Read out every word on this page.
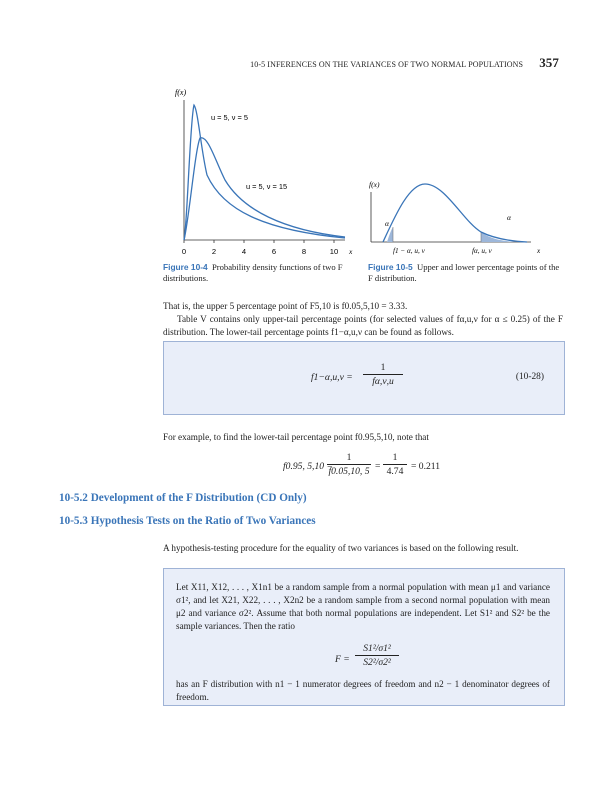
10-5 INFERENCES ON THE VARIANCES OF TWO NORMAL POPULATIONS 357
f(x)
0	2	4	6	8	10 x
u = 5, ν = 5
u = 5, ν = 15
Figure 10-4 Probability density functions of two F distributions.
f(x)
α
α
f1 − α, u, ν	fα, u, ν	x
Figure 10-5 Upper and lower percentage points of the F distribution.
That is, the upper 5 percentage point of F5,10 is f0.05,5,10 = 3.33.
Table V contains only upper-tail percentage points (for selected values of fα,u,ν for α ≤ 0.25) of the F distribution. The lower-tail percentage points f1−α,u,ν can be found as follows.
f1−α,u,ν =
1
fα,ν,u	(10-28)
For example, to find the lower-tail percentage point f0.95,5,10, note that
f0.95, 5,10 =
1
f0.05,10, 5 =
1
4.74 = 0.211
10-5.2 Development of the F Distribution (CD Only)
10-5.3 Hypothesis Tests on the Ratio of Two Variances
A hypothesis-testing procedure for the equality of two variances is based on the following result.
Let X11, X12, . . . , X1n1 be a random sample from a normal population with mean μ1 and variance σ1², and let X21, X22, . . . , X2n2 be a random sample from a second normal population with mean μ2 and variance σ2². Assume that both normal populations are independent. Let S1² and S2² be the sample variances. Then the ratio
F =
S1²/σ1²
S2²/σ2²
has an F distribution with n1 − 1 numerator degrees of freedom and n2 − 1 denominator degrees of freedom.
